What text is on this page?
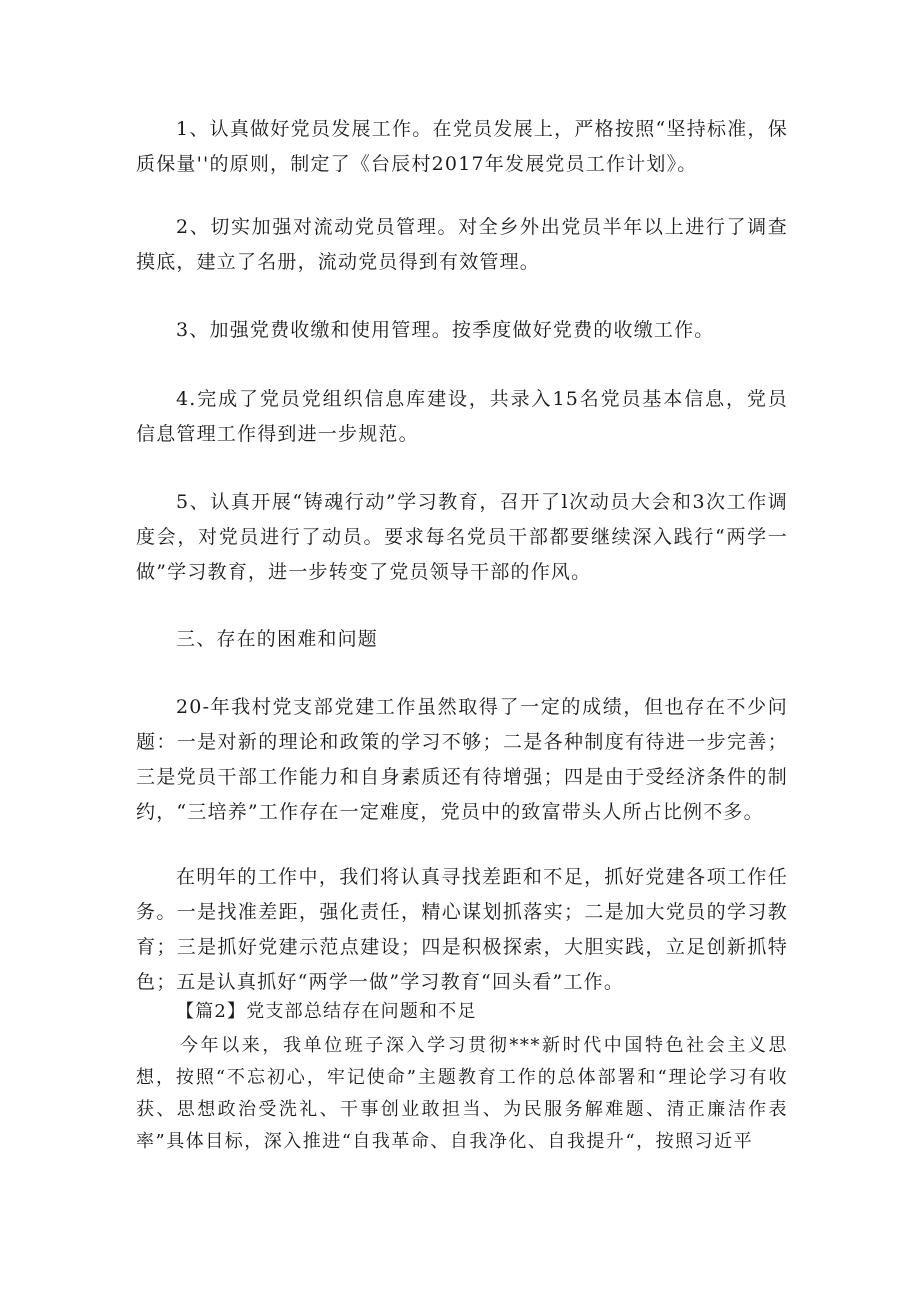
1、认真做好党员发展工作。在党员发展上，严格按照“坚持标准，保质保量''的原则，制定了《台辰村2017年发展党员工作计划》。

2、切实加强对流动党员管理。对全乡外出党员半年以上进行了调查摸底，建立了名册，流动党员得到有效管理。

3、加强党费收缴和使用管理。按季度做好党费的收缴工作。

4.完成了党员党组织信息库建设，共录入15名党员基本信息，党员信息管理工作得到进一步规范。

5、认真开展“铸魂行动”学习教育，召开了l次动员大会和3次工作调度会，对党员进行了动员。要求每名党员干部都要继续深入践行“两学一做”学习教育，进一步转变了党员领导干部的作风。

三、存在的困难和问题

20-年我村党支部党建工作虽然取得了一定的成绩，但也存在不少问题：一是对新的理论和政策的学习不够；二是各种制度有待进一步完善；三是党员干部工作能力和自身素质还有待增强；四是由于受经济条件的制约，“三培养”工作存在一定难度，党员中的致富带头人所占比例不多。

在明年的工作中，我们将认真寻找差距和不足，抓好党建各项工作任务。一是找准差距，强化责任，精心谋划抓落实；二是加大党员的学习教育；三是抓好党建示范点建设；四是积极探索，大胆实践，立足创新抓特色；五是认真抓好“两学一做”学习教育“回头看”工作。

【篇2】党支部总结存在问题和不足

今年以来，我单位班子深入学习贯彻***新时代中国特色社会主义思想，按照“不忘初心，牢记使命”主题教育工作的总体部署和“理论学习有收获、思想政治受洗礼、干事创业敢担当、为民服务解难题、清正廉洁作表率”具体目标，深入推进“自我革命、自我净化、自我提升“，按照习近平
